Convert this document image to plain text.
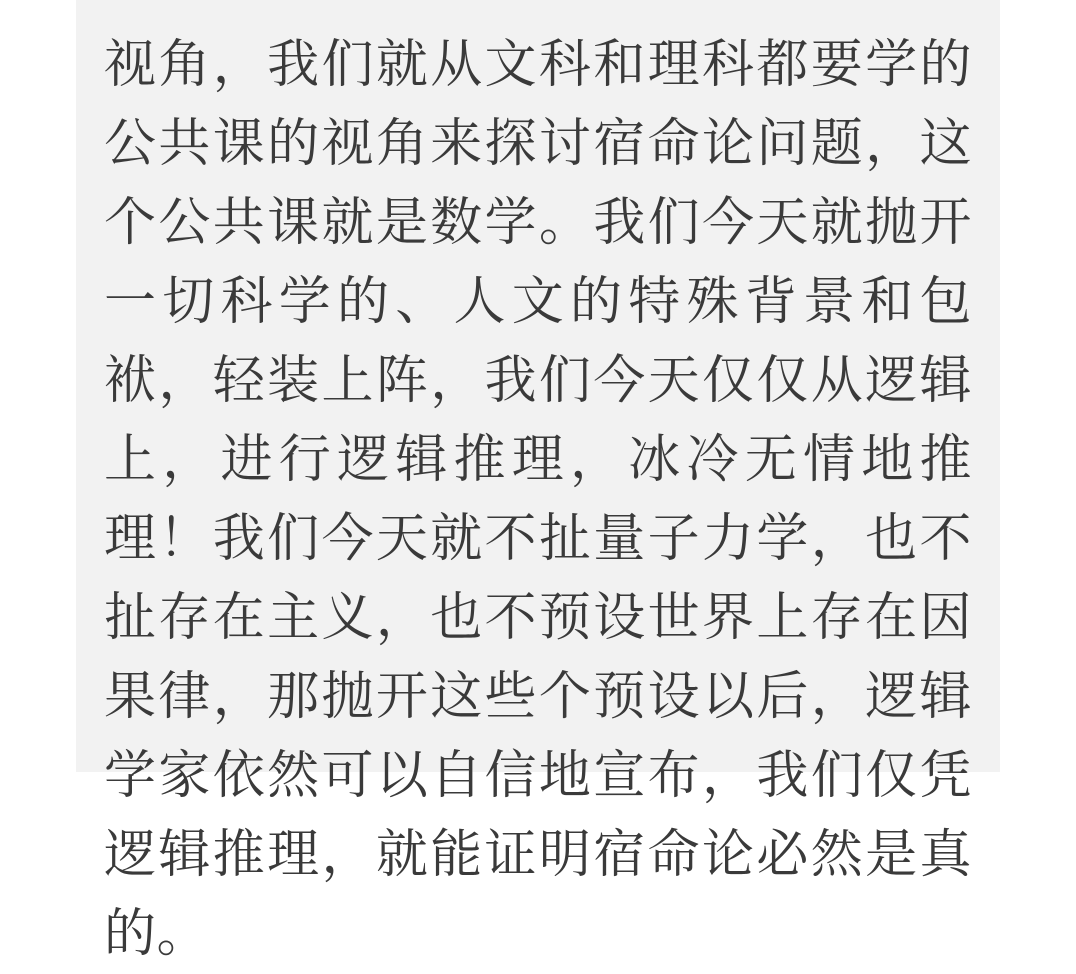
视角，我们就从文科和理科都要学的公共课的视角来探讨宿命论问题，这个公共课就是数学。我们今天就抛开一切科学的、人文的特殊背景和包袱，轻装上阵，我们今天仅仅从逻辑上，进行逻辑推理，冰冷无情地推理！我们今天就不扯量子力学，也不扯存在主义，也不预设世界上存在因果律，那抛开这些个预设以后，逻辑学家依然可以自信地宣布，我们仅凭逻辑推理，就能证明宿命论必然是真的。
